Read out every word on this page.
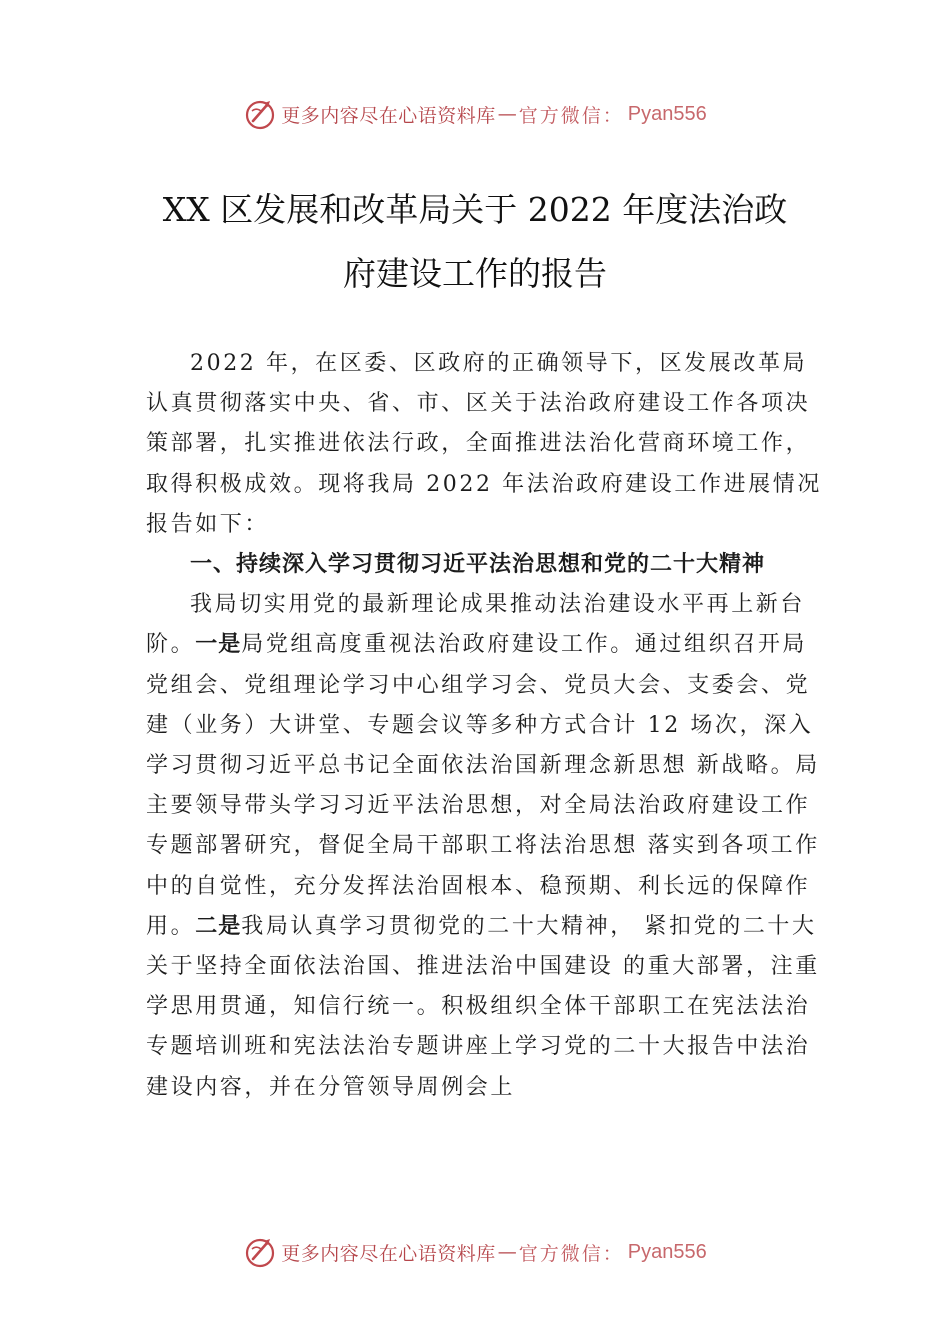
更多内容尽在心语资料库 — 官方微信： Pyan556
XX 区发展和改革局关于 2022 年度法治政
府建设工作的报告

2022 年，在区委、区政府的正确领导下，区发展改革局认真贯彻落实中央、省、市、区关于法治政府建设工作各项决策部署，扎实推进依法行政，全面推进法治化营商环境工作，取得积极成效。现将我局 2022 年法治政府建设工作进展情况报告如下：

一、持续深入学习贯彻习近平法治思想和党的二十大精神

我局切实用党的最新理论成果推动法治建设水平再上新台阶。一是局党组高度重视法治政府建设工作。通过组织召开局党组会、党组理论学习中心组学习会、党员大会、支委会、党建（业务）大讲堂、专题会议等多种方式合计 12 场次，深入学习贯彻习近平总书记全面依法治国新理念新思想 新战略。局主要领导带头学习习近平法治思想，对全局法治政府建设工作专题部署研究，督促全局干部职工将法治思想 落实到各项工作中的自觉性，充分发挥法治固根本、稳预期、利长远的保障作用。二是我局认真学习贯彻党的二十大精神， 紧扣党的二十大关于坚持全面依法治国、推进法治中国建设 的重大部署，注重学思用贯通，知信行统一。积极组织全体干部职工在宪法法治专题培训班和宪法法治专题讲座上学习党的二十大报告中法治建设内容，并在分管领导周例会上

更多内容尽在心语资料库 — 官方微信： Pyan556
